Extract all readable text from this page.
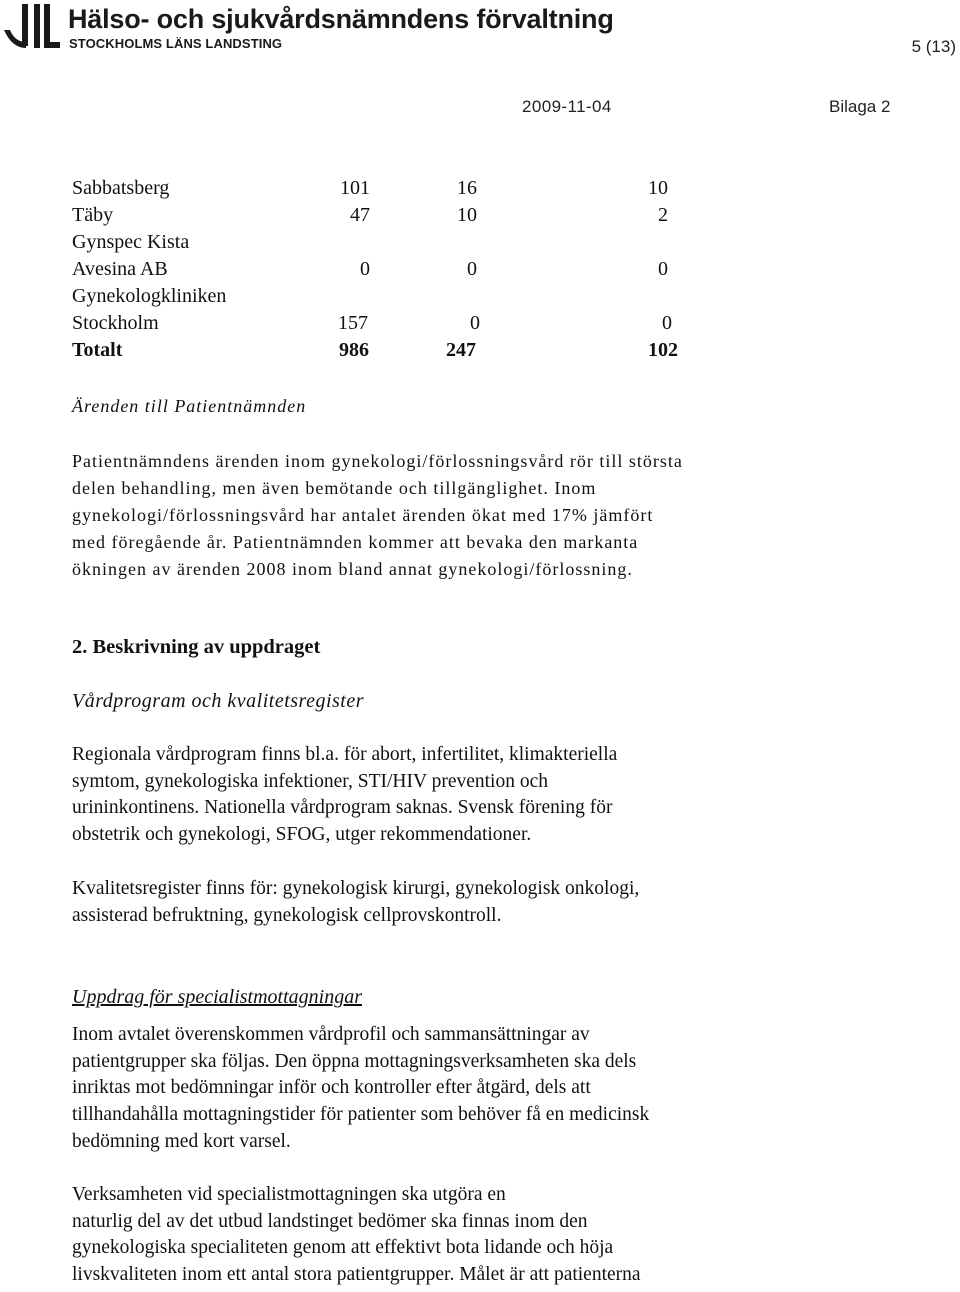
Hälso- och sjukvårdsnämndens förvaltning
STOCKHOLMS LÄNS LANDSTING	5 (13)
2009-11-04	Bilaga 2
Sabbatsberg	101	16	10
Täby	47	10	2
Gynspec Kista
Avesina AB	0	0	0
Gynekologkliniken
Stockholm	157	0	0
Totalt	986	247	102
Ärenden till Patientnämnden
Patientnämndens ärenden inom gynekologi/förlossningsvård rör till största
delen behandling, men även bemötande och tillgänglighet. Inom
gynekologi/förlossningsvård har antalet ärenden ökat med 17% jämfört
med föregående år. Patientnämnden kommer att bevaka den markanta
ökningen av ärenden 2008 inom bland annat gynekologi/förlossning.
2. Beskrivning av uppdraget
Vårdprogram och kvalitetsregister
Regionala vårdprogram finns bl.a. för abort, infertilitet, klimakteriella
symtom, gynekologiska infektioner, STI/HIV prevention och
urininkontinens. Nationella vårdprogram saknas. Svensk förening för
obstetrik och gynekologi, SFOG, utger rekommendationer.
Kvalitetsregister finns för: gynekologisk kirurgi, gynekologisk onkologi,
assisterad befruktning, gynekologisk cellprovskontroll.
Uppdrag för specialistmottagningar
Inom avtalet överenskommen vårdprofil och sammansättningar av
patientgrupper ska följas. Den öppna mottagningsverksamheten ska dels
inriktas mot bedömningar inför och kontroller efter åtgärd, dels att
tillhandahålla mottagningstider för patienter som behöver få en medicinsk
bedömning med kort varsel.
Verksamheten vid specialistmottagningen ska utgöra en
naturlig del av det utbud landstinget bedömer ska finnas inom den
gynekologiska specialiteten genom att effektivt bota lidande och höja
livskvaliteten inom ett antal stora patientgrupper. Målet är att patienterna
